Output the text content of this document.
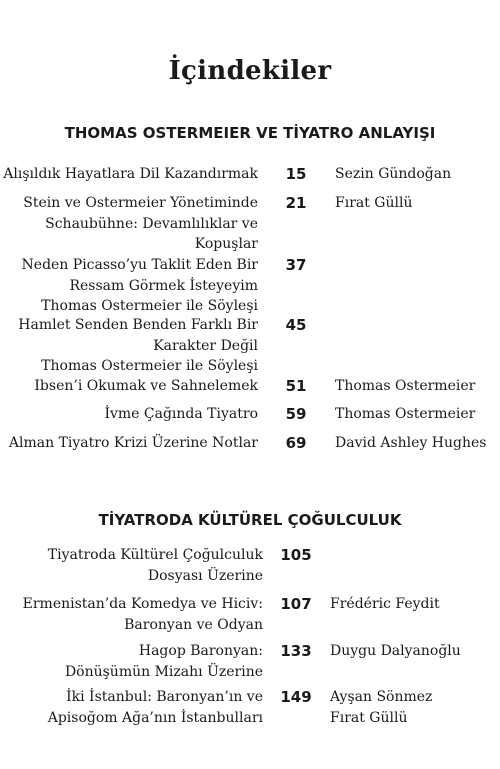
İçindekiler
THOMAS OSTERMEIER VE TİYATRO ANLAYIŞI
Alışıldık Hayatlara Dil Kazandırmak	15	Sezin Gündoğan
Stein ve Ostermeier Yönetiminde
Schaubühne: Devamlılıklar ve
Kopuşlar
21	Fırat Güllü
Neden Picasso’yu Taklit Eden Bir
Ressam Görmek İsteyeyim
Thomas Ostermeier ile Söyleşi
37
Hamlet Senden Benden Farklı Bir
Karakter Değil
Thomas Ostermeier ile Söyleşi
45
Ibsen’i Okumak ve Sahnelemek	51	Thomas Ostermeier
İvme Çağında Tiyatro	59	Thomas Ostermeier
Alman Tiyatro Krizi Üzerine Notlar	69	David Ashley Hughes
TİYATRODA KÜLTÜREL ÇOĞULCULUK
Tiyatroda Kültürel Çoğulculuk
Dosyası Üzerine
105
Ermenistan’da Komedya ve Hiciv:
Baronyan ve Odyan
107	Frédéric Feydit
Hagop Baronyan:
Dönüşümün Mizahı Üzerine
133	Duygu Dalyanoğlu
İki İstanbul: Baronyan’ın ve
Apisoğom Ağa’nın İstanbulları
149	Ayşan Sönmez
Fırat Güllü
